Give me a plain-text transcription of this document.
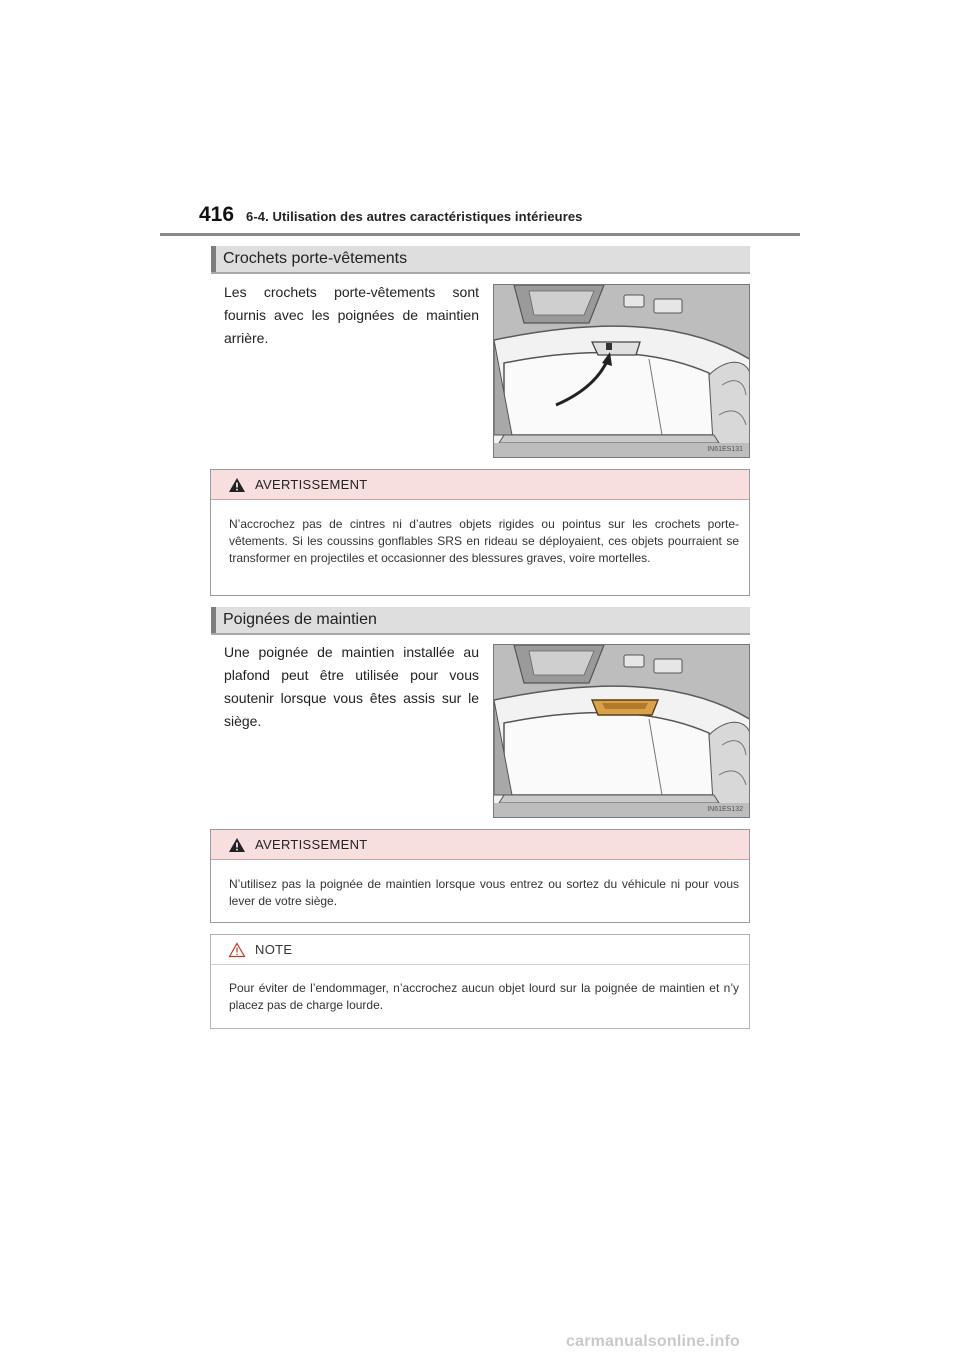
416 6-4. Utilisation des autres caractéristiques intérieures
Crochets porte-vêtements
Les crochets porte-vêtements sont fournis avec les poignées de maintien arrière.
IN61ES131
AVERTISSEMENT
N’accrochez pas de cintres ni d’autres objets rigides ou pointus sur les crochets porte-vêtements. Si les coussins gonflables SRS en rideau se déployaient, ces objets pourraient se transformer en projectiles et occasionner des blessures graves, voire mortelles.
Poignées de maintien
Une poignée de maintien installée au plafond peut être utilisée pour vous soutenir lorsque vous êtes assis sur le siège.
IN61ES132
AVERTISSEMENT
N’utilisez pas la poignée de maintien lorsque vous entrez ou sortez du véhicule ni pour vous lever de votre siège.
NOTE
Pour éviter de l’endommager, n’accrochez aucun objet lourd sur la poignée de maintien et n’y placez pas de charge lourde.
carmanualsonline.info
